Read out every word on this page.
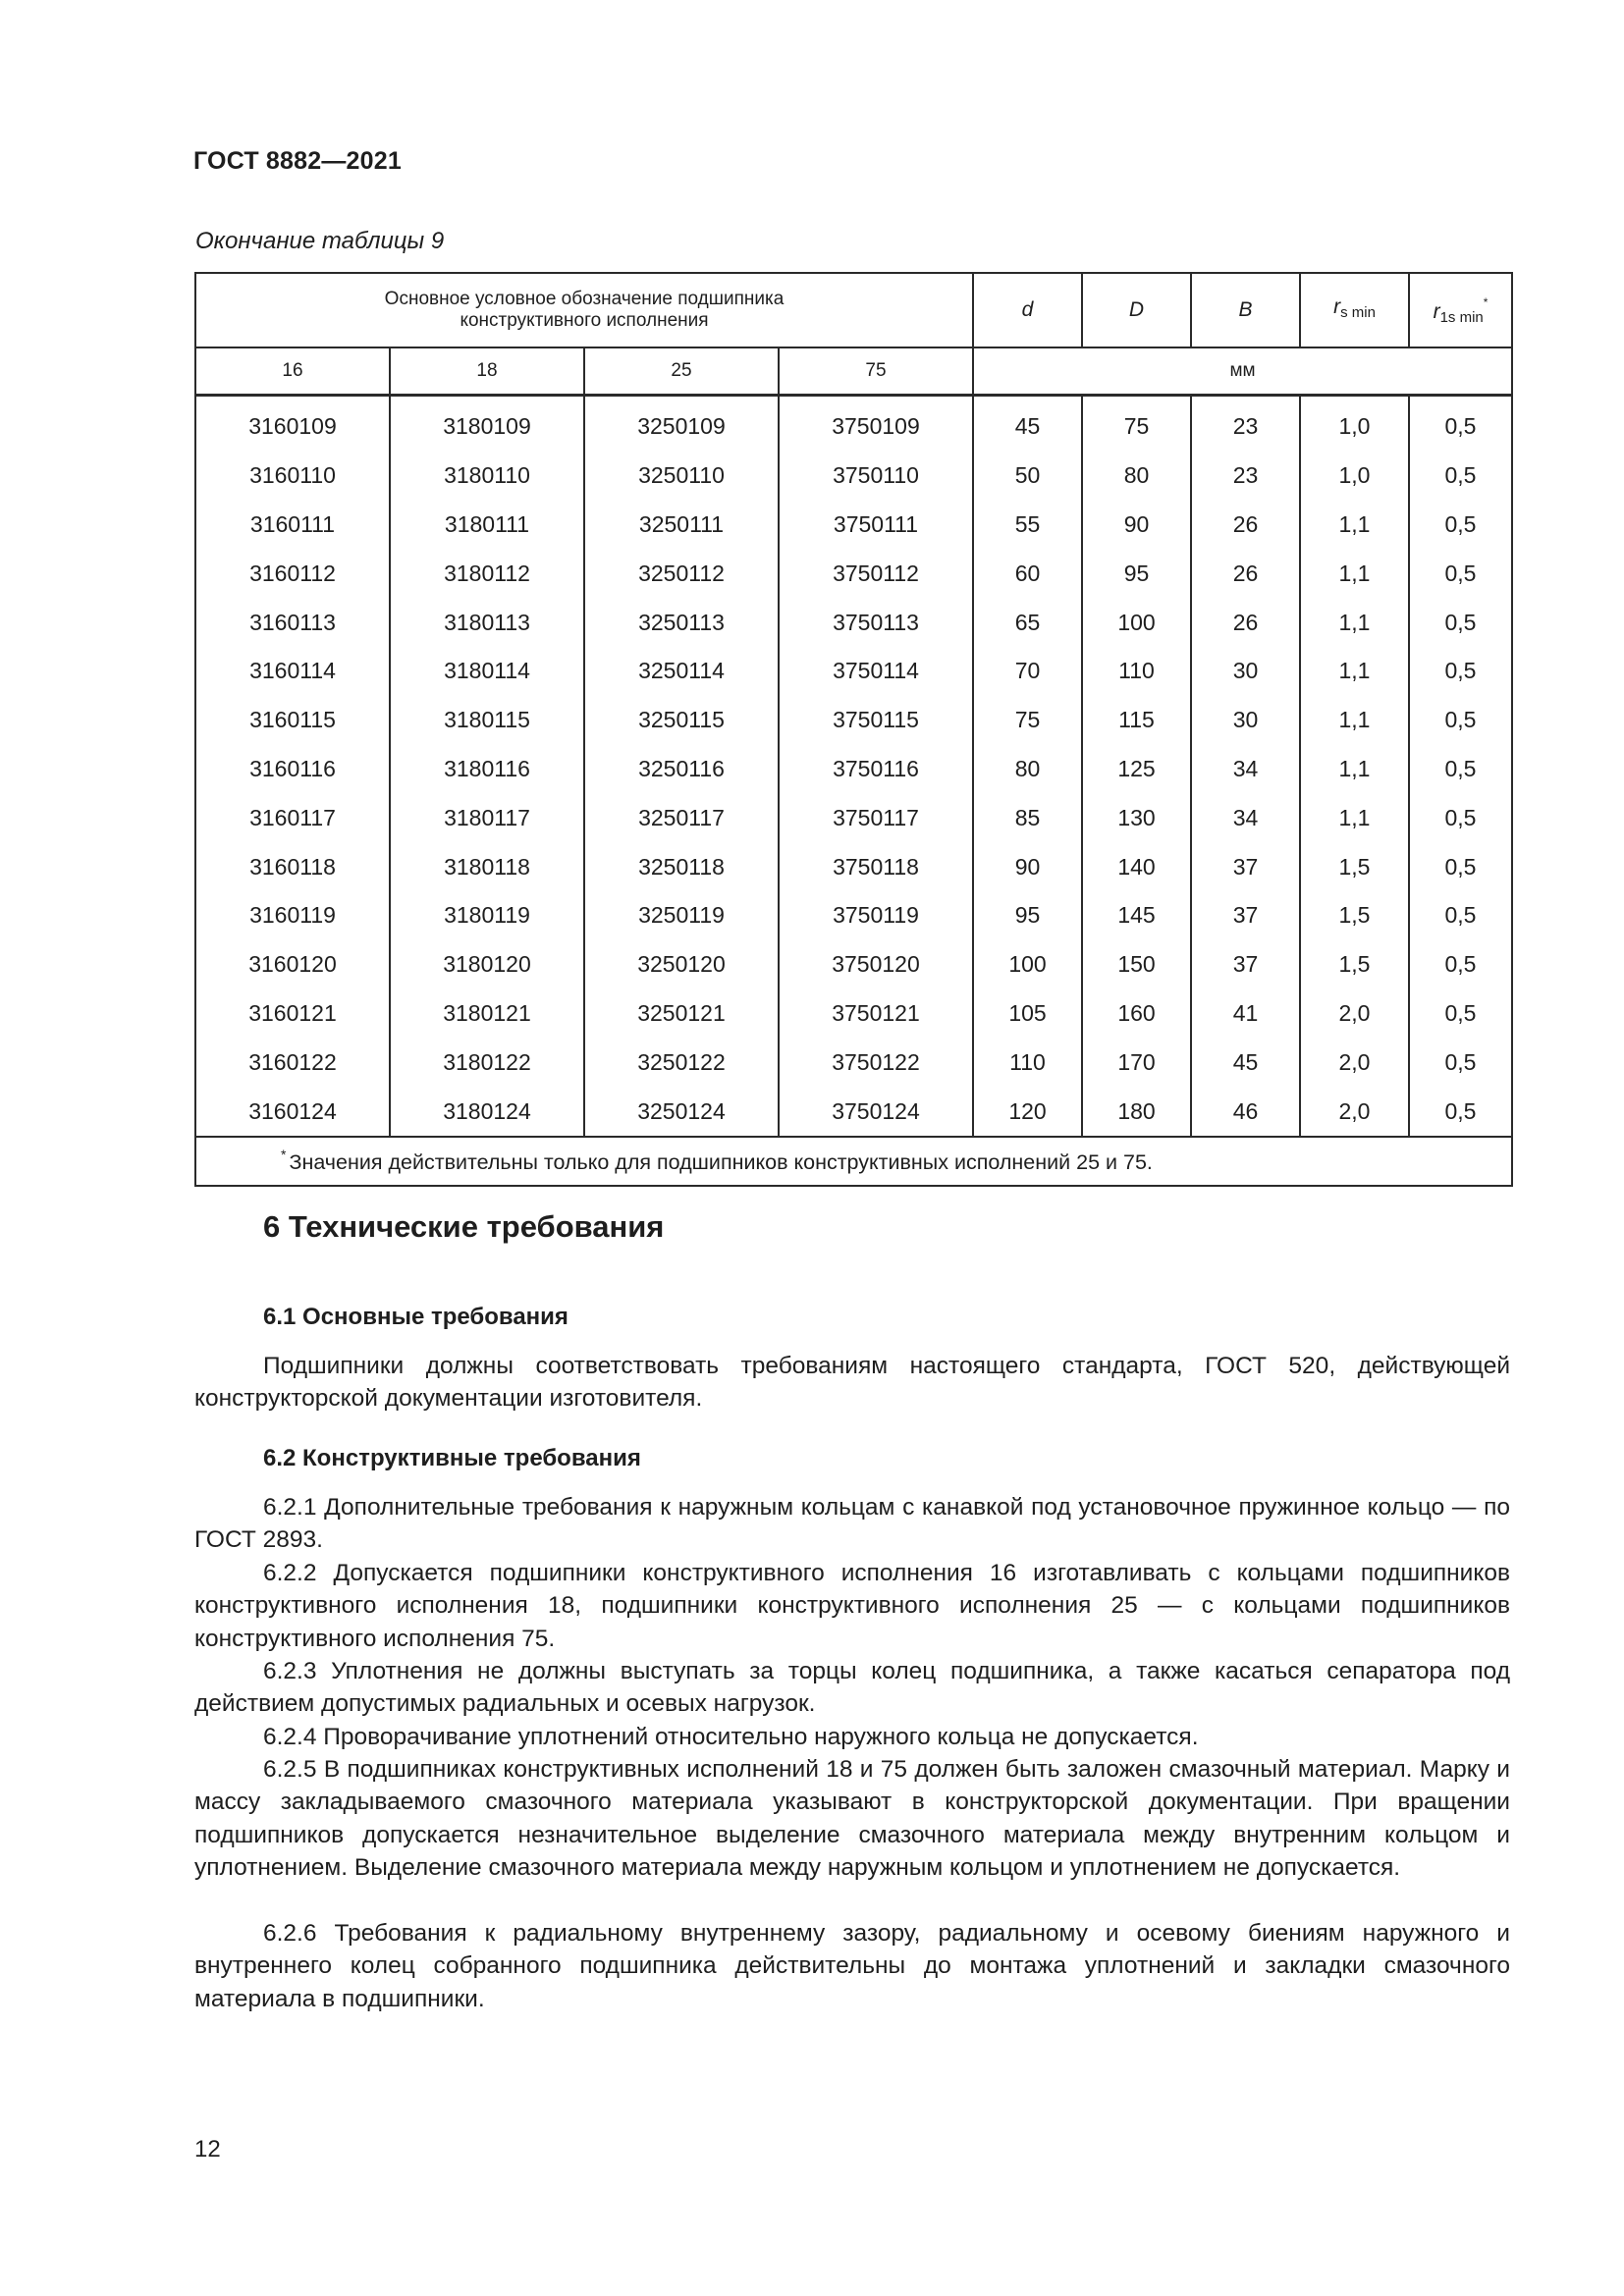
ГОСТ 8882—2021
Окончание таблицы 9
Основное условное обозначение подшипника конструктивного исполнения				d	D	B	$r_{s min}$	$r_{1s min}^*$
16	18	25	75	мм				
3160109	3180109	3250109	3750109	45	75	23	1,0	0,5
3160110	3180110	3250110	3750110	50	80	23	1,0	0,5
3160111	3180111	3250111	3750111	55	90	26	1,1	0,5
3160112	3180112	3250112	3750112	60	95	26	1,1	0,5
3160113	3180113	3250113	3750113	65	100	26	1,1	0,5
3160114	3180114	3250114	3750114	70	110	30	1,1	0,5
3160115	3180115	3250115	3750115	75	115	30	1,1	0,5
3160116	3180116	3250116	3750116	80	125	34	1,1	0,5
3160117	3180117	3250117	3750117	85	130	34	1,1	0,5
3160118	3180118	3250118	3750118	90	140	37	1,5	0,5
3160119	3180119	3250119	3750119	95	145	37	1,5	0,5
3160120	3180120	3250120	3750120	100	150	37	1,5	0,5
3160121	3180121	3250121	3750121	105	160	41	2,0	0,5
3160122	3180122	3250122	3750122	110	170	45	2,0	0,5
3160124	3180124	3250124	3750124	120	180	46	2,0	0,5
* Значения действительны только для подшипников конструктивных исполнений 25 и 75.								
6 Технические требования
6.1 Основные требования

Подшипники должны соответствовать требованиям настоящего стандарта, ГОСТ 520, действующей конструкторской документации изготовителя.

6.2 Конструктивные требования

6.2.1 Дополнительные требования к наружным кольцам с канавкой под установочное пружинное кольцо — по ГОСТ 2893.

6.2.2 Допускается подшипники конструктивного исполнения 16 изготавливать с кольцами подшипников конструктивного исполнения 18, подшипники конструктивного исполнения 25 — с кольцами подшипников конструктивного исполнения 75.

6.2.3 Уплотнения не должны выступать за торцы колец подшипника, а также касаться сепаратора под действием допустимых радиальных и осевых нагрузок.

6.2.4 Проворачивание уплотнений относительно наружного кольца не допускается.

6.2.5 В подшипниках конструктивных исполнений 18 и 75 должен быть заложен смазочный материал. Марку и массу закладываемого смазочного материала указывают в конструкторской документации. При вращении подшипников допускается незначительное выделение смазочного материала между внутренним кольцом и уплотнением. Выделение смазочного материала между наружным кольцом и уплотнением не допускается.

6.2.6 Требования к радиальному внутреннему зазору, радиальному и осевому биениям наружного и внутреннего колец собранного подшипника действительны до монтажа уплотнений и закладки смазочного материала в подшипники.

12
